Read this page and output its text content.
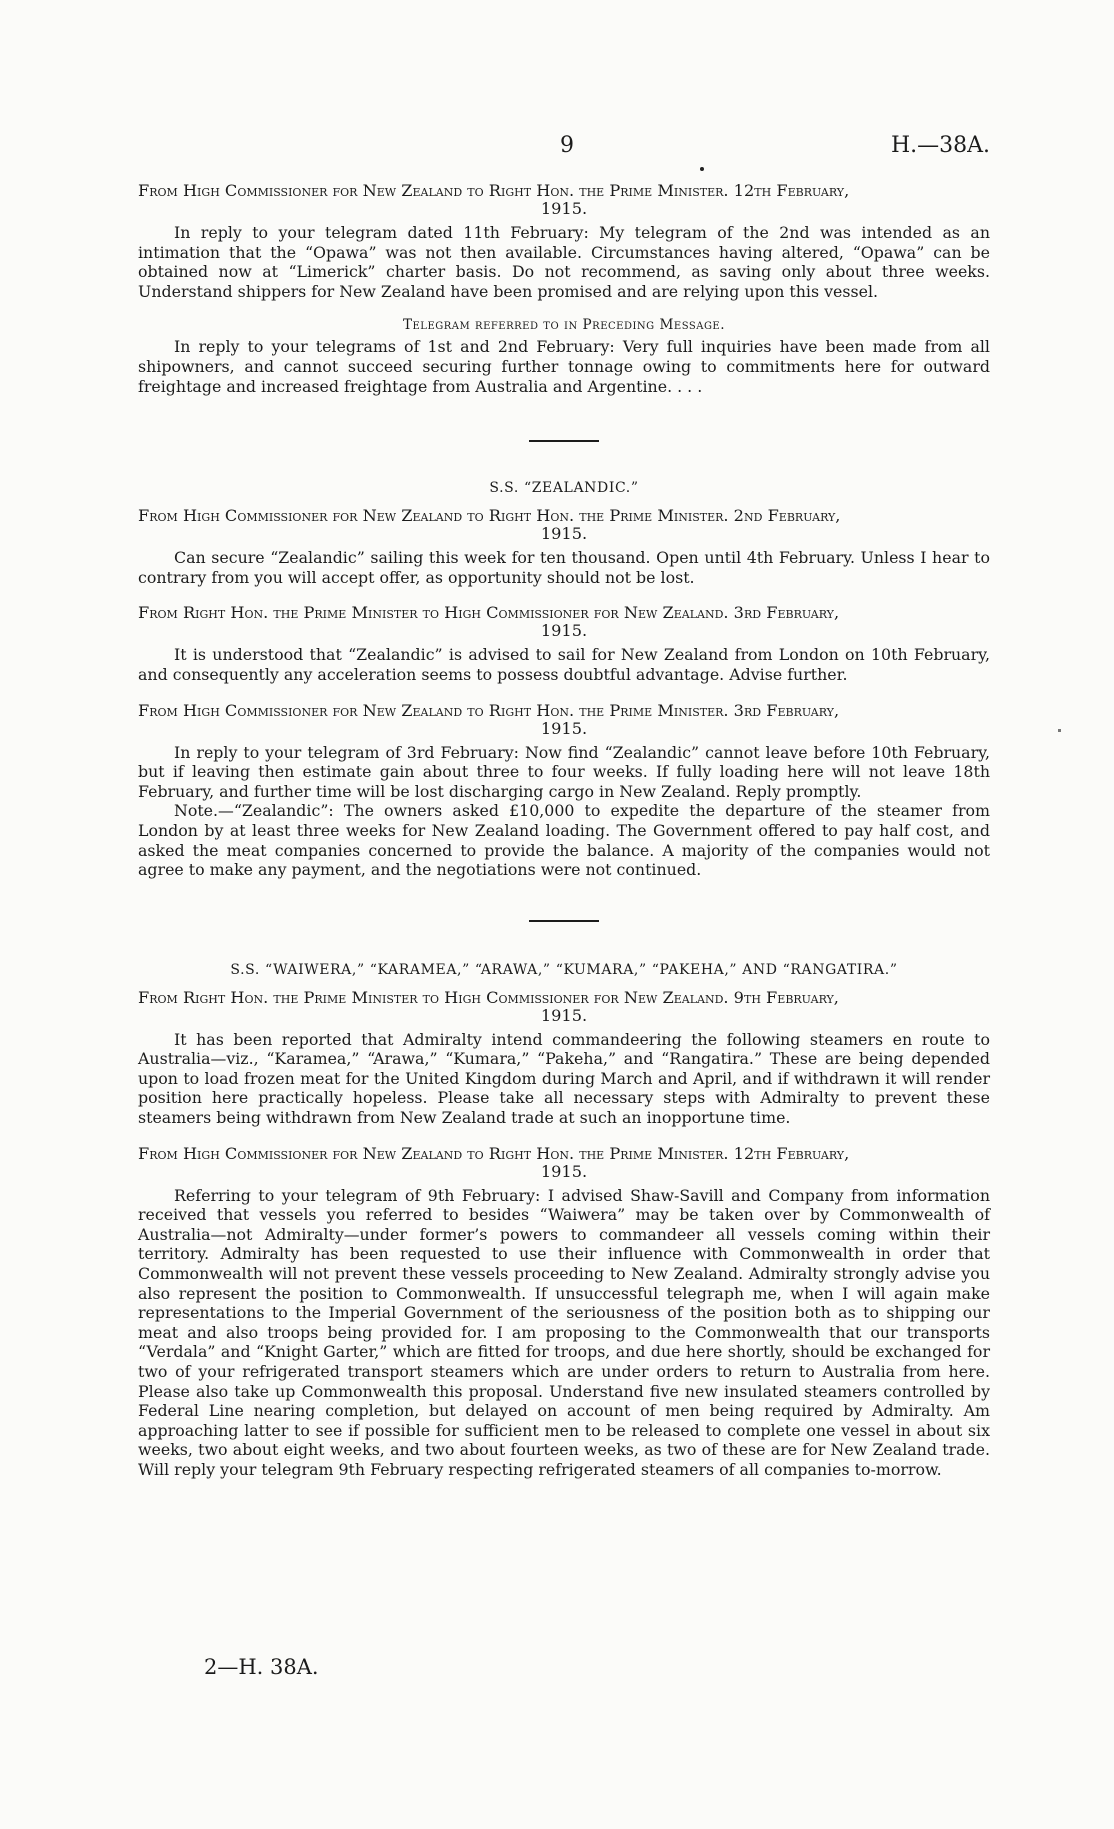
9	H.—38A.

From High Commissioner for New Zealand to Right Hon. the Prime Minister. 12th February,

1915.

In reply to your telegram dated 11th February: My telegram of the 2nd was intended as an intimation that the “Opawa” was not then available. Circumstances having altered, “Opawa” can be obtained now at “Limerick” charter basis. Do not recommend, as saving only about three weeks. Understand shippers for New Zealand have been promised and are relying upon this vessel.

Telegram referred to in Preceding Message.

In reply to your telegrams of 1st and 2nd February: Very full inquiries have been made from all shipowners, and cannot succeed securing further tonnage owing to commitments here for outward freightage and increased freightage from Australia and Argentine. . . .

S.S. “ZEALANDIC.”

From High Commissioner for New Zealand to Right Hon. the Prime Minister. 2nd February,

1915.

Can secure “Zealandic” sailing this week for ten thousand. Open until 4th February. Unless I hear to contrary from you will accept offer, as opportunity should not be lost.

From Right Hon. the Prime Minister to High Commissioner for New Zealand. 3rd February,

1915.

It is understood that “Zealandic” is advised to sail for New Zealand from London on 10th February, and consequently any acceleration seems to possess doubtful advantage. Advise further.

From High Commissioner for New Zealand to Right Hon. the Prime Minister. 3rd February,

1915.

In reply to your telegram of 3rd February: Now find “Zealandic” cannot leave before 10th February, but if leaving then estimate gain about three to four weeks. If fully loading here will not leave 18th February, and further time will be lost discharging cargo in New Zealand. Reply promptly.

Note.—“Zealandic”: The owners asked £10,000 to expedite the departure of the steamer from London by at least three weeks for New Zealand loading. The Government offered to pay half cost, and asked the meat companies concerned to provide the balance. A majority of the companies would not agree to make any payment, and the negotiations were not continued.

S.S. “WAIWERA,” “KARAMEA,” “ARAWA,” “KUMARA,” “PAKEHA,” AND “RANGATIRA.”

From Right Hon. the Prime Minister to High Commissioner for New Zealand. 9th February,

1915.

It has been reported that Admiralty intend commandeering the following steamers en route to Australia—viz., “Karamea,” “Arawa,” “Kumara,” “Pakeha,” and “Rangatira.” These are being depended upon to load frozen meat for the United Kingdom during March and April, and if withdrawn it will render position here practically hopeless. Please take all necessary steps with Admiralty to prevent these steamers being withdrawn from New Zealand trade at such an inopportune time.

From High Commissioner for New Zealand to Right Hon. the Prime Minister. 12th February,

1915.

Referring to your telegram of 9th February: I advised Shaw-Savill and Company from information received that vessels you referred to besides “Waiwera” may be taken over by Commonwealth of Australia—not Admiralty—under former’s powers to commandeer all vessels coming within their territory. Admiralty has been requested to use their influence with Commonwealth in order that Commonwealth will not prevent these vessels proceeding to New Zealand. Admiralty strongly advise you also represent the position to Commonwealth. If unsuccessful telegraph me, when I will again make representations to the Imperial Government of the seriousness of the position both as to shipping our meat and also troops being provided for. I am proposing to the Commonwealth that our transports “Verdala” and “Knight Garter,” which are fitted for troops, and due here shortly, should be exchanged for two of your refrigerated transport steamers which are under orders to return to Australia from here. Please also take up Commonwealth this proposal. Understand five new insulated steamers controlled by Federal Line nearing completion, but delayed on account of men being required by Admiralty. Am approaching latter to see if possible for sufficient men to be released to complete one vessel in about six weeks, two about eight weeks, and two about fourteen weeks, as two of these are for New Zealand trade. Will reply your telegram 9th February respecting refrigerated steamers of all companies to-morrow.

2—H. 38A.
